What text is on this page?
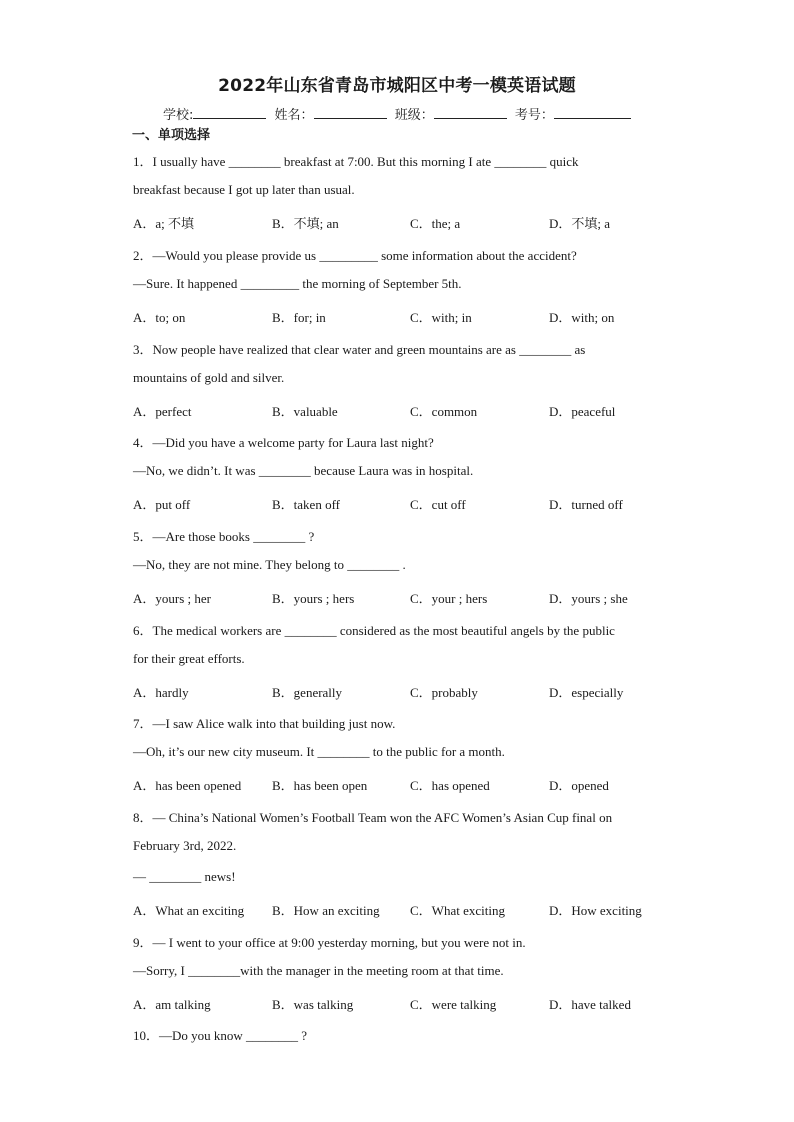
2022年山东省青岛市城阳区中考一模英语试题
学校:	姓名：	班级：	考号：
一、单项选择
1．I usually have ________ breakfast at 7:00. But this morning I ate ________ quick
breakfast because I got up later than usual.
A．a; 不填	B．不填; an	C．the; a	D．不填; a
2．—Would you please provide us _________ some information about the accident?
—Sure. It happened _________ the morning of September 5th.
A．to; on	B．for; in	C．with; in	D．with; on
3．Now people have realized that clear water and green mountains are as ________ as
mountains of gold and silver.
A．perfect	B．valuable	C．common	D．peaceful
4．—Did you have a welcome party for Laura last night?
—No, we didn’t. It was ________ because Laura was in hospital.
A．put off	B．taken off	C．cut off	D．turned off
5．—Are those books ________ ?
—No, they are not mine. They belong to ________ .
A．yours ; her	B．yours ; hers	C．your ; hers	D．yours ; she
6．The medical workers are ________ considered as the most beautiful angels by the public
for their great efforts.
A．hardly	B．generally	C．probably	D．especially
7．—I saw Alice walk into that building just now.
—Oh, it’s our new city museum. It ________ to the public for a month.
A．has been opened B．has been open	C．has opened	D．opened
8．— China’s National Women’s Football Team won the AFC Women’s Asian Cup final on
February 3rd, 2022.
— ________ news!
A．What an exciting B．How an exciting C．What exciting	D．How exciting
9．— I went to your office at 9:00 yesterday morning, but you were not in.
—Sorry, I ________with the manager in the meeting room at that time.
A．am talking	B．was talking	C．were talking	D．have talked
10．—Do you know ________ ?
